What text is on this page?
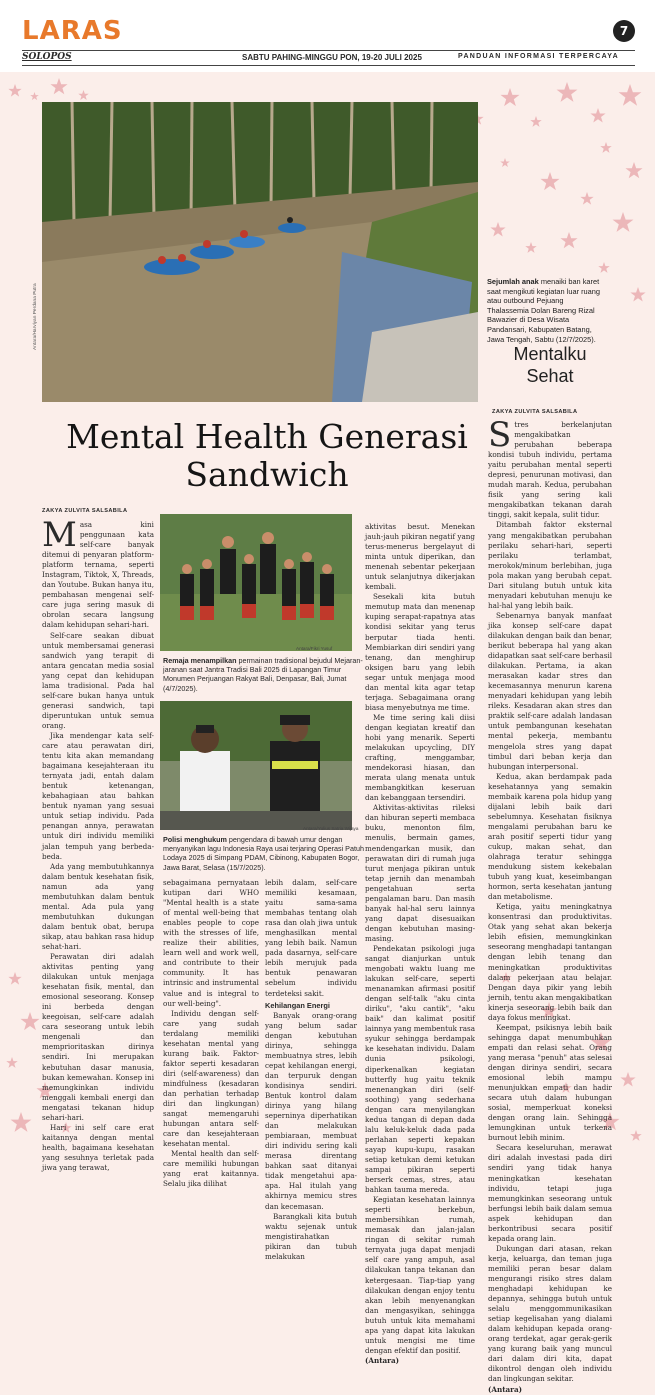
LARAS	7
SOLOPOS	SABTU PAHING-MINGGU PON, 19-20 JULI 2025	PANDUAN INFORMASI TERPERCAYA
Antara/Harviyan Perdana Putra
Sejumlah anak menaiki ban karet saat mengikuti kegiatan luar ruang atau outbound Pejuang Thalassemia Dolan Bareng Rizal Bawazier di Desa Wisata Pandansari, Kabupaten Batang, Jawa Tengah, Sabtu (12/7/2025).
Mentalku Sehat
ZAKYA ZULVITA SALSABILA
Mental Health Generasi Sandwich
ZAKYA ZULVITA SALSABILA

Masa kini penggunaan kata self-care banyak ditemui di penyaran platform-platform ternama, seperti Instagram, Tiktok, X, Threads, dan Youtube. Bukan hanya itu, pembahasan mengenai self-care juga sering masuk di obrolan secara langsung dalam kehidupan sehari-hari.

Self-care seakan dibuat untuk membersamai generasi sandwich yang terapit di antara gencatan media sosial yang cepat dan kehidupan lama tradisional. Pada hal self-care bukan hanya untuk generasi sandwich, tapi diperuntukan untuk semua orang.

Jika mendengar kata self-care atau perawatan diri, tentu kita akan memandang bagaimana kesejahteraan itu ternyata jadi, entah dalam bentuk ketenangan, kebahagiaan atau bahkan bentuk nyaman yang sesuai untuk setiap individu. Pada penangan annya, perawatan untuk diri individu memiliki jalan tempuh yang berbeda-beda.

Ada yang membutuhkannya dalam bentuk kesehatan fisik, namun ada yang membutuhkan dalam bentuk mental. Ada pula yang membutuhkan dukungan dalam bentuk obat, berupa sikap, atau bahkan rasa hidup sehat-hari.

Perawatan diri adalah aktivitas penting yang dilakukan untuk menjaga kesehatan fisik, mental, dan emosional seseorang. Konsep ini berbeda dengan keegoisan, self-care adalah cara seseorang untuk lebih mengenali dan memprioritaskan dirinya sendiri. Ini merupakan kebutuhan dasar manusia, bukan kemewahan. Konsep ini memungkinkan individu menggali kembali energi dan mengatasi tekanan hidup sehari-hari.

Hari ini self care erat kaitannya dengan mental health, bagaimana kesehatan yang sesuhnya terletak pada jiwa yang terawat,

Antara/Fikri Yusuf
Remaja menampilkan permainan tradisional bejudul Mejaran-jaranan saat Jantra Tradisi Bali 2025 di Lapangan Timur Monumen Perjuangan Rakyat Bali, Denpasar, Bali, Jumat (4/7/2025).
Antara/Yulius Satria Wijaya
Polisi menghukum pengendara di bawah umur dengan menyanyikan lagu Indonesia Raya usai terjaring Operasi Patuh Lodaya 2025 di Simpang PDAM, Cibinong, Kabupaten Bogor, Jawa Barat, Selasa (15/7/2025).

sebagaimana pernyataan kutipan dari WHO "Mental health is a state of mental well-being that enables people to cope with the stresses of life, realize their abilities, learn well and work well, and contribute to their community. It has intrinsic and instrumental value and is integral to our well-being".

Individu dengan self-care yang sudah terdalang memiliki kesehatan mental yang kurang baik. Faktor-faktor seperti kesadaran diri (self-awareness) dan mindfulness (kesadaran dan perhatian terhadap diri dan lingkungan) sangat memengaruhi hubungan antara self-care dan kesejahteraan kesehatan mental.

Mental health dan self-care memiliki hubungan yang erat kaitannya. Selalu jika dilihat

lebih dalam, self-care memiliki kesamaan, yaitu sama-sama membahas tentang olah rasa dan olah jiwa untuk menghasilkan mental yang lebih baik. Namun pada dasarnya, self-care lebih merujuk pada bentuk penawaran sebelum individu terdeteksi sakit.

Kehilangan Energi

Banyak orang-orang yang belum sadar dengan kebutuhan dirinya, sehingga membuatnya stres, lebih cepat kehilangan energi, dan terpuruk dengan kondisinya sendiri. Bentuk kontrol dalam dirinya yang hilang seperninya diperhatikan dan melakukan pembiaraan, membuat diri individu sering kali merasa direntang bahkan saat ditanyai tidak mengetahui apa-apa. Hal itulah yang akhirnya memicu stres dan kecemasan.

Barangkali kita butuh waktu sejenak untuk mengistirahatkan pikiran dan tubuh melakukan

aktivitas besut. Menekan jauh-jauh pikiran negatif yang terus-menerus bergelayut di minta untuk diperikan, dan menenah sebentar pekerjaan untuk selanjutnya dikerjakan kembali.

Sesekali kita butuh memutup mata dan menenap kuping serapat-rapatnya atas kondisi sekitar yang terus berputar tiada henti. Membiarkan diri sendiri yang tenang, dan menghirup oksigen baru yang lebih segar untuk menjaga mood dan mental kita agar tetap terjaga. Sebagaimana orang biasa menyebutnya me time.

Me time sering kali diisi dengan kegiatan kreatif dan hobi yang menarik. Seperti melakukan upcycling, DIY crafting, menggambar, mendekorasi hiasan, dan merata ulang menata untuk membangkitkan keseruan dan kebanggaan tersendiri.

Aktivitas-aktivitas rileksi dan hiburan seperti membaca buku, menonton film, menulis, bermain games, mendengarkan musik, dan perawatan diri di rumah juga turut menjaga pikiran untuk tetap jernih dan menambah pengetahuan serta pengalaman baru. Dan masih banyak hal-hal seru lainnya yang dapat disesuaikan dengan kebutuhan masing-masing.

Pendekatan psikologi juga sangat dianjurkan untuk mengobati waktu luang me lakukan self-care, seperti menanamkan afirmasi positif dengan self-talk "aku cinta diriku", "aku cantik", "aku baik" dan kalimat positif lainnya yang membentuk rasa syukur sehingga berdampak ke kesehatan individu. Dalam dunia psikologi, diperkenalkan kegiatan butterfly hug yaitu teknik menenangkan diri (self-soothing) yang sederhana dengan cara menyilangkan kedua tangan di depan dada lalu keluk-keluk dada pada perlahan seperti kepakan sayap kupu-kupu, rasakan setiap ketukan demi ketukan sampai pikiran seperti berserk cemas, stres, atau bahkan tauma mereda.

Kegiatan kesehatan lainnya seperti berkebun, membersihkan rumah, memasak dan jalan-jalan ringan di sekitar rumah ternyata juga dapat menjadi self care yang ampuh, asal dilakukan tanpa tekanan dan ketergesaan. Tiap-tiap yang dilakukan dengan enjoy tentu akan lebih menyenangkan dan mengasyikan, sehingga butuh untuk kita memahami apa yang dapat kita lakukan untuk mengisi me time dengan efektif dan positif.

(Antara)

Stres berkelanjutan mengakibatkan perubahan beberapa kondisi tubuh individu, pertama yaitu perubahan mental seperti depresi, penurunan motivasi, dan mudah marah. Kedua, perubahan fisik yang sering kali mengakibatkan tekanan darah tinggi, sakit kepala, sulit tidur.

Ditambah faktor eksternal yang mengakibatkan perubahan perilaku sehari-hari, seperti perilaku terlambat, merokok/minum berlebihan, juga pola makan yang berubah cepat. Dari situlang butuh untuk kita menyadari kebutuhan menuju ke hal-hal yang lebih baik.

Sebenarnya banyak manfaat jika konsep self-care dapat dilakukan dengan baik dan benar, berikut beberapa hal yang akan didapatkan saat self-care berhasil dilakukan. Pertama, ia akan merasakan kadar stres dan kecemasannya menurun karena menyadari kehidupan yang lebih rileks. Kesadaran akan stres dan praktik self-care adalah landasan untuk pembangunan kesehatan mental pekerja, membantu mengelola stres yang dapat timbul dari beban kerja dan hubungan interpersonal.

Kedua, akan berdampak pada kesehatannya yang semakin membaik karena pola hidup yang dijalani lebih baik dari sebelumnya. Kesehatan fisiknya mengalami perubahan baru ke arah positif seperti tidur yang cukup, makan sehat, dan olahraga teratur sehingga mendukung sistem kekebalan tubuh yang kuat, keseimbangan hormon, serta kesehatan jantung dan metabolisme.

Ketiga, yaitu meningkatnya konsentrasi dan produktivitas. Otak yang sehat akan bekerja lebih efisien, memungkinkan seseorang menghadapi tantangan dengan lebih tenang dan meningkatkan produktivitas dalam pekerjaan atau belajar. Dengan daya pikir yang lebih jernih, tentu akan mengakibatkan kinerja seseorang lebih baik dan daya fokus meningkat.

Keempat, psikisnya lebih baik sehingga dapat menumbuhkan empati dan relasi sehat. Orang yang merasa "penuh" atas selesai dengan dirinya sendiri, secara emosional lebih mampu menunjukkan empati dan hadir secara utuh dalam hubungan sosial, memperkuat koneksi dengan orang lain. Sehingga lemungkinan untuk terkena burnout lebih minim.

Secara keseluruhan, merawat diri adalah investasi pada diri sendiri yang tidak hanya meningkatkan kesehatan individu, tetapi juga memungkinkan seseorang untuk berfungsi lebih baik dalam semua aspek kehidupan dan berkontribusi secara positif kepada orang lain.

Dukungan dari atasan, rekan kerja, keluarga, dan teman juga memiliki peran besar dalam mengurangi risiko stres dalam menghadapi kehidupan ke depannya, sehingga butuh untuk selalu menggommunikasikan setiap kegelisahan yang dialami dalam kehidupan kepada orang-orang terdekat, agar gerak-gerik yang kurang baik yang muncul dari dalam diri kita, dapat dikontrol dengan oleh individu dan lingkungan sekitar.

(Antara)
